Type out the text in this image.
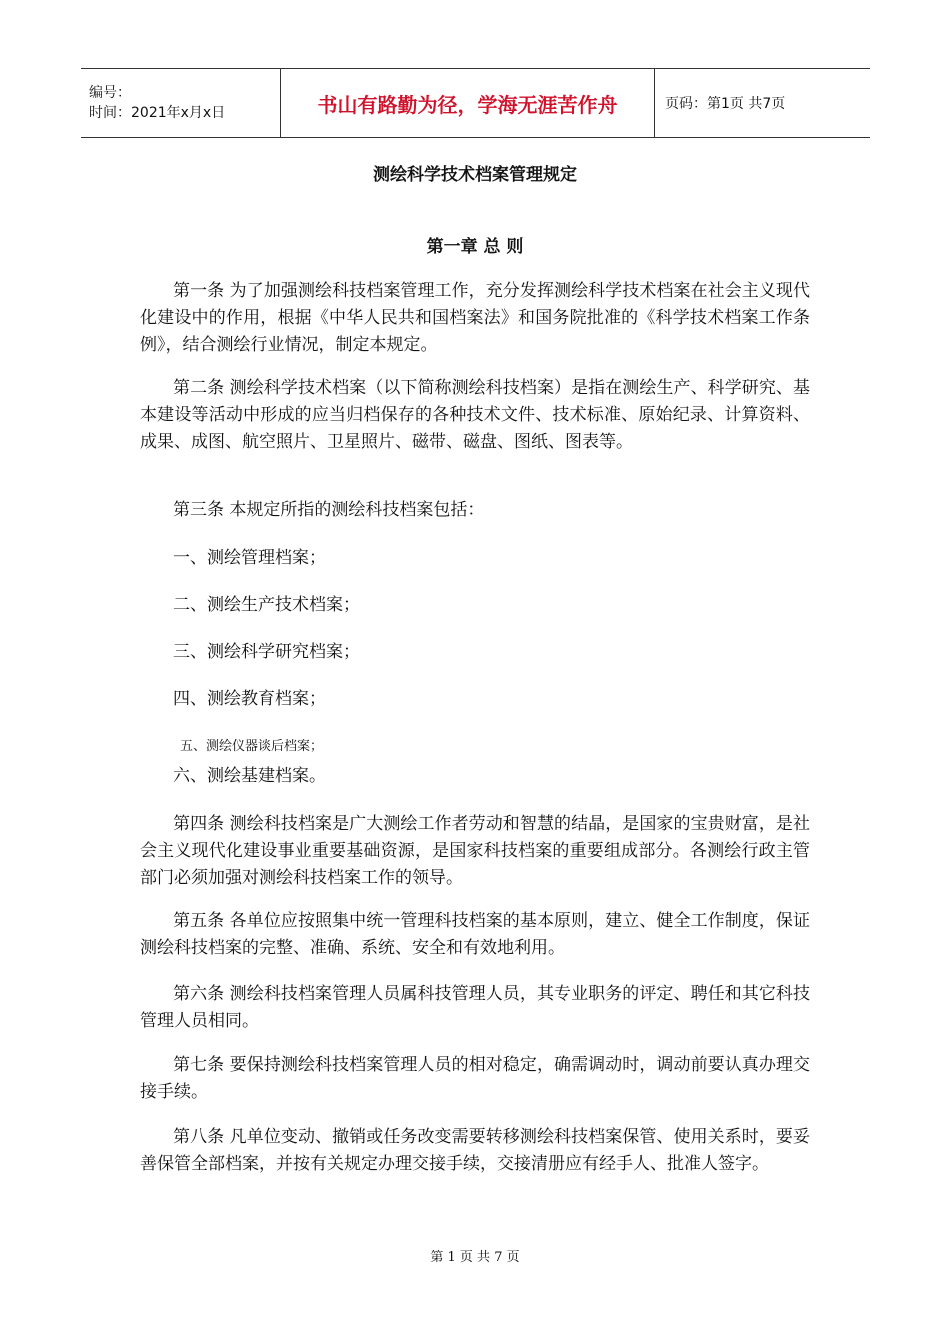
编号：
时间：2021年x月x日	书山有路勤为径，学海无涯苦作舟	页码：第1页 共7页
测绘科学技术档案管理规定
第一章 总 则

第一条 为了加强测绘科技档案管理工作，充分发挥测绘科学技术档案在社会主义现代化建设中的作用，根据《中华人民共和国档案法》和国务院批准的《科学技术档案工作条例》，结合测绘行业情况，制定本规定。

第二条 测绘科学技术档案（以下简称测绘科技档案）是指在测绘生产、科学研究、基本建设等活动中形成的应当归档保存的各种技术文件、技术标准、原始纪录、计算资料、成果、成图、航空照片、卫星照片、磁带、磁盘、图纸、图表等。

第三条 本规定所指的测绘科技档案包括：

一、测绘管理档案；

二、测绘生产技术档案；

三、测绘科学研究档案；

四、测绘教育档案；

五、测绘仪器谈后档案；

六、测绘基建档案。

第四条 测绘科技档案是广大测绘工作者劳动和智慧的结晶，是国家的宝贵财富，是社会主义现代化建设事业重要基础资源，是国家科技档案的重要组成部分。各测绘行政主管部门必须加强对测绘科技档案工作的领导。

第五条 各单位应按照集中统一管理科技档案的基本原则，建立、健全工作制度，保证测绘科技档案的完整、准确、系统、安全和有效地利用。

第六条 测绘科技档案管理人员属科技管理人员，其专业职务的评定、聘任和其它科技管理人员相同。

第七条 要保持测绘科技档案管理人员的相对稳定，确需调动时，调动前要认真办理交接手续。

第八条 凡单位变动、撤销或任务改变需要转移测绘科技档案保管、使用关系时，要妥善保管全部档案，并按有关规定办理交接手续，交接清册应有经手人、批准人签字。

第 1 页 共 7 页
